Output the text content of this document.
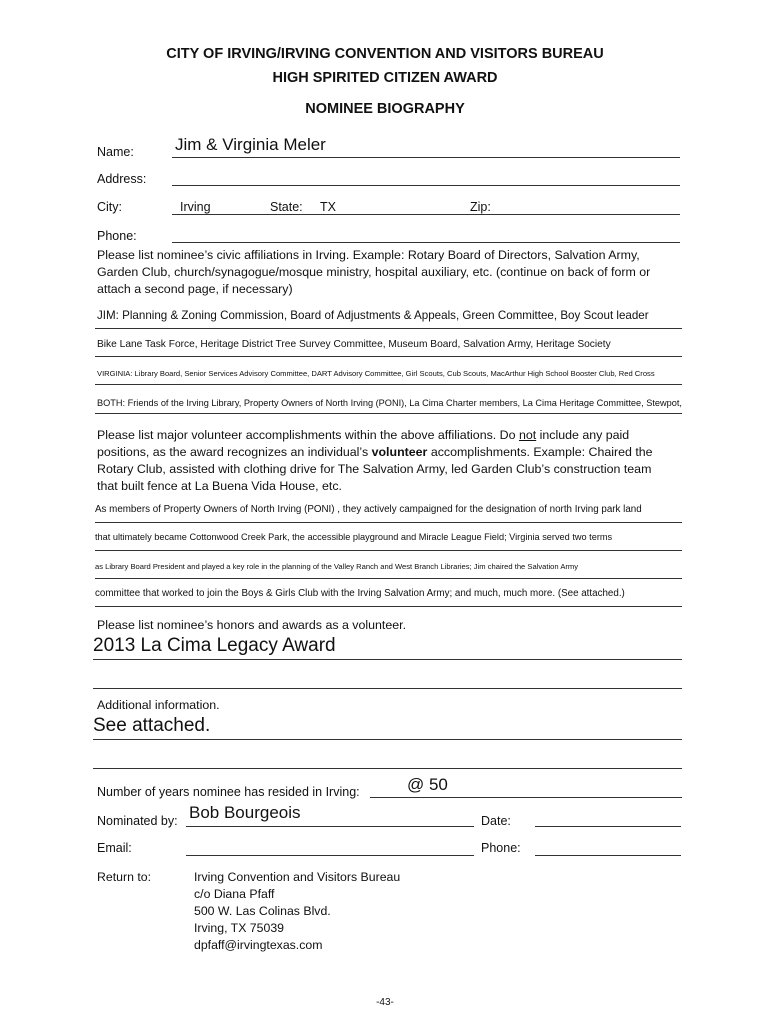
CITY OF IRVING/IRVING CONVENTION AND VISITORS BUREAU
HIGH SPIRITED CITIZEN AWARD
NOMINEE BIOGRAPHY
Name: Jim & Virginia Meler
Address:
City:	Irving	State: TX	Zip:
Phone:
Please list nominee’s civic affiliations in Irving. Example: Rotary Board of Directors, Salvation Army, Garden Club, church/synagogue/mosque ministry, hospital auxiliary, etc. (continue on back of form or attach a second page, if necessary)
JIM: Planning & Zoning Commission, Board of Adjustments & Appeals, Green Committee, Boy Scout leader
Bike Lane Task Force, Heritage District Tree Survey Committee, Museum Board, Salvation Army, Heritage Society
VIRGINIA: Library Board, Senior Services Advisory Committee, DART Advisory Committee, Girl Scouts, Cub Scouts, MacArthur High School Booster Club, Red Cross
BOTH: Friends of the Irving Library, Property Owners of North Irving (PONI), La Cima Charter members, La Cima Heritage Committee, Stewpot,
Please list major volunteer accomplishments within the above affiliations. Do not include any paid positions, as the award recognizes an individual’s volunteer accomplishments. Example: Chaired the Rotary Club, assisted with clothing drive for The Salvation Army, led Garden Club’s construction team that built fence at La Buena Vida House, etc.
As members of Property Owners of North Irving (PONI) , they actively campaigned for the designation of north Irving park land
that ultimately became Cottonwood Creek Park, the accessible playground and Miracle League Field; Virginia served two terms
as Library Board President and played a key role in the planning of the Valley Ranch and West Branch Libraries; Jim chaired the Salvation Army
committee that worked to join the Boys & Girls Club with the Irving Salvation Army; and much, much more. (See attached.)
Please list nominee’s honors and awards as a volunteer.
2013 La Cima Legacy Award
Additional information.
See attached.
Number of years nominee has resided in Irving:	@ 50
Nominated by: Bob Bourgeois	Date:
Email:	Phone:
Return to:	Irving Convention and Visitors Bureau
c/o Diana Pfaff
500 W. Las Colinas Blvd.
Irving, TX 75039
dpfaff@irvingtexas.com
-43-
